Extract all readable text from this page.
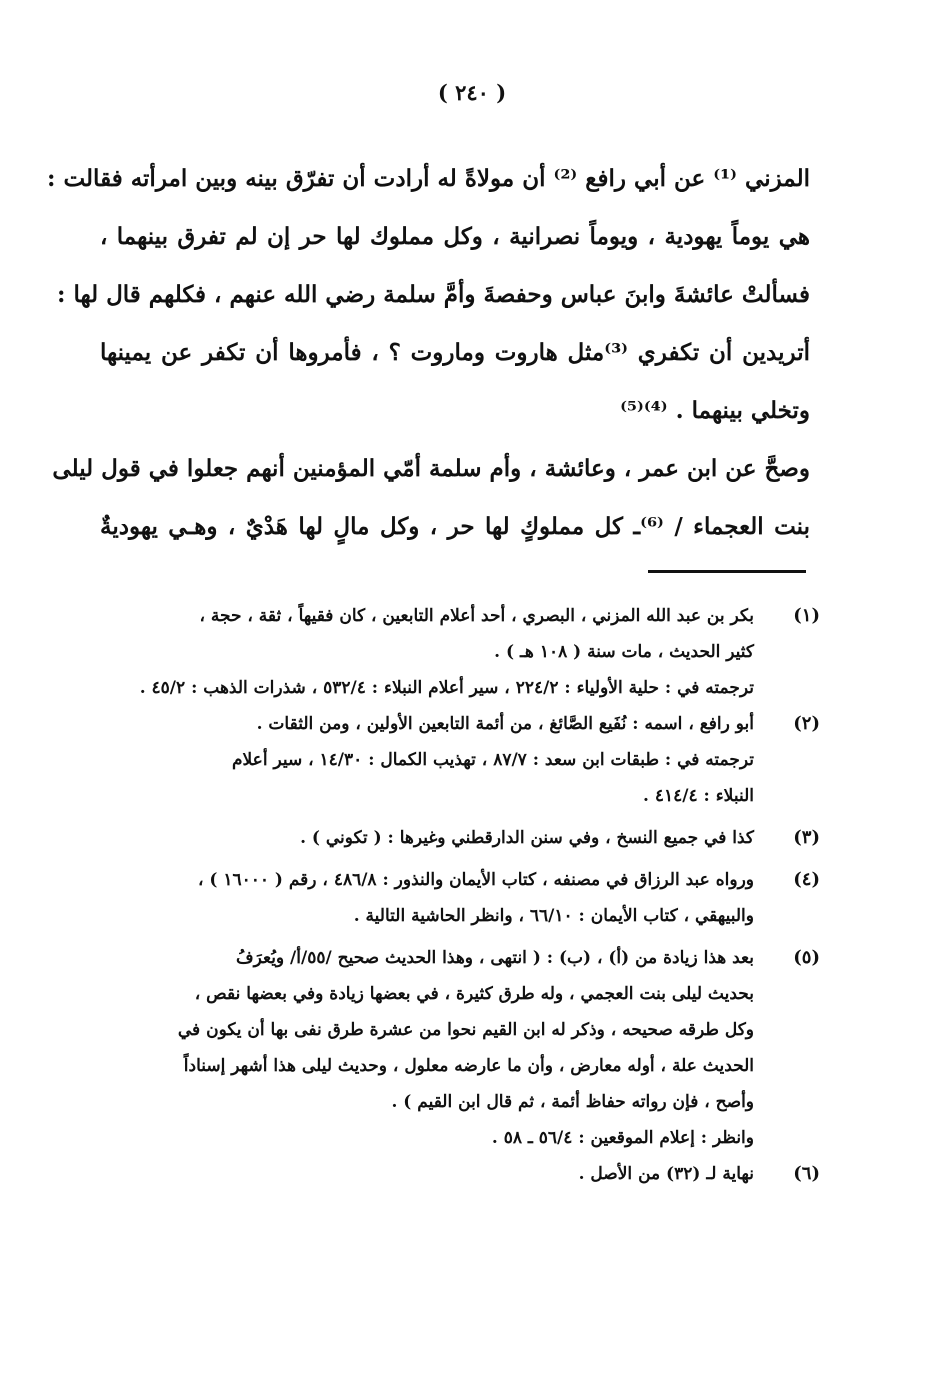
( ٢٤٠ )
المزني ⁽¹⁾ عن أبي رافع ⁽²⁾ أن مولاةً له أرادت أن تفرّق بينه وبين امرأته فقالت :
هي يوماً يهودية ، ويوماً نصرانية ، وكل مملوك لها حر إن لم تفرق بينهما ،
فسألتْ عائشةَ وابنَ عباس وحفصةَ وأمَّ سلمة رضي الله عنهم ، فكلهم قال لها :
أتريدين أن تكفري ⁽³⁾مثل هاروت وماروت ؟ ، فأمروها أن تكفر عن يمينها
وتخلي بينهما . ⁽⁴⁾⁽⁵⁾
وصحَّ عن ابن عمر ، وعائشة ، وأم سلمة أمّي المؤمنين أنهم جعلوا في قول ليلى
بنت العجماء / ⁽⁶⁾ـ كل مملوكٍ لها حر ، وكل مالٍ لها هَدْيٌ ، وهـي يهوديةٌ
(١)
بكر بن عبد الله المزني ، البصري ، أحد أعلام التابعين ، كان فقيهاً ، ثقة ، حجة ،
كثير الحديث ، مات سنة ( ١٠٨ هـ ) .
ترجمته في : حلية الأولياء : ٢٢٤/٢ ، سير أعلام النبلاء : ٥٣٢/٤ ، شذرات الذهب : ٤٥/٢ .
(٢)
أبو رافع ، اسمه : نُفَيع الصَّائغ ، من أئمة التابعين الأولين ، ومن الثقات .
ترجمته في : طبقات ابن سعد : ٨٧/٧ ، تهذيب الكمال : ١٤/٣٠ ، سير أعلام
النبلاء : ٤١٤/٤ .
(٣)
كذا في جميع النسخ ، وفي سنن الدارقطني وغيرها : ( تكوني ) .
(٤)
ورواه عبد الرزاق في مصنفه ، كتاب الأيمان والنذور : ٤٨٦/٨ ، رقم ( ١٦٠٠٠ ) ،
والبيهقي ، كتاب الأيمان : ٦٦/١٠ ، وانظر الحاشية التالية .
(٥)
بعد هذا زيادة من (أ) ، (ب) : ( انتهى ، وهذا الحديث صحيح /٥٥/أ/ ويُعرَفُ
بحديث ليلى بنت العجمي ، وله طرق كثيرة ، في بعضها زيادة وفي بعضها نقص ،
وكل طرقه صحيحه ، وذكر له ابن القيم نحوا من عشرة طرق نفى بها أن يكون في
الحديث علة ، أوله معارض ، وأن ما عارضه معلول ، وحديث ليلى هذا أشهر إسناداً
وأصح ، فإن رواته حفاظ أئمة ، ثم قال ابن القيم ) .
وانظر : إعلام الموقعين : ٥٦/٤ ـ ٥٨ .
(٦)
نهاية لـ (٣٢) من الأصل .
